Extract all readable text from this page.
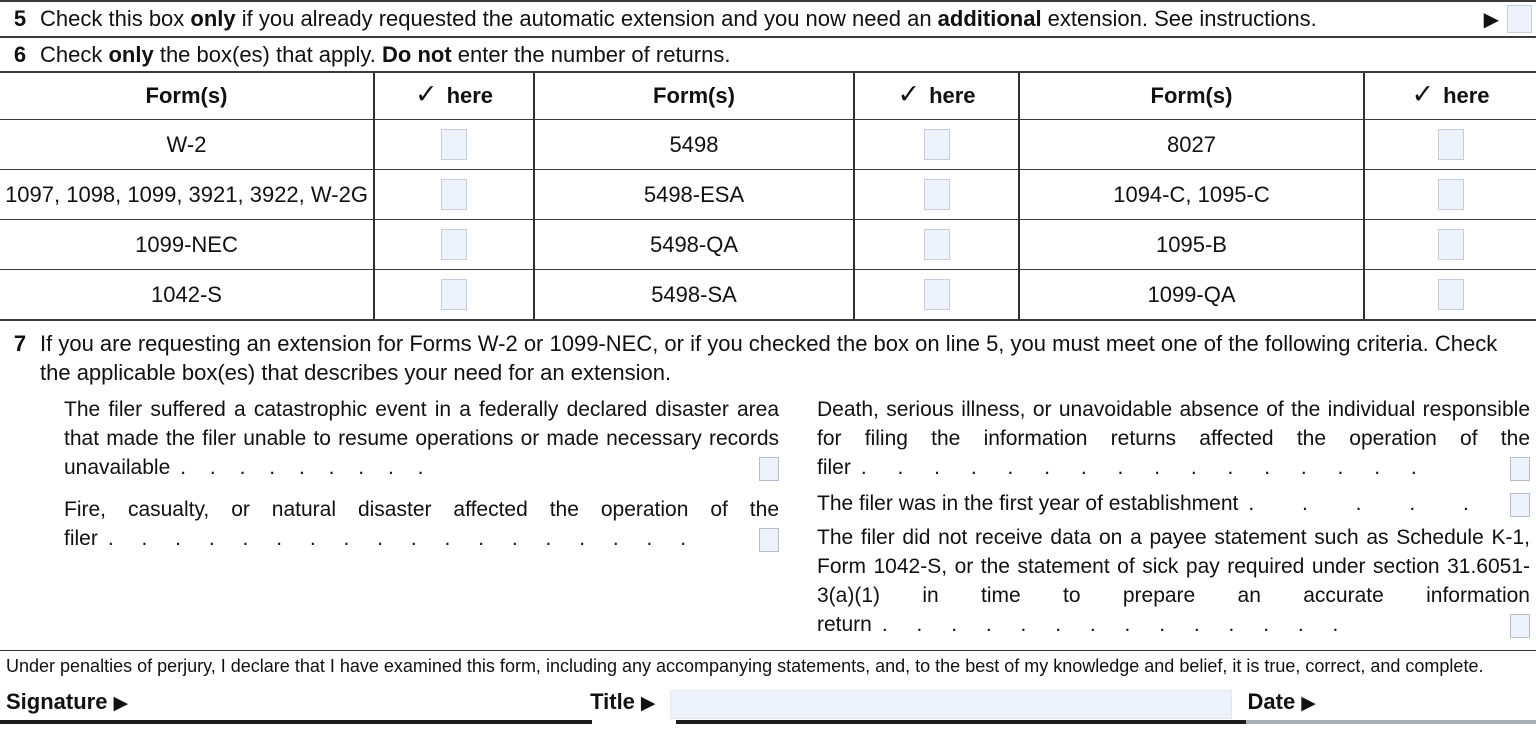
5 Check this box only if you already requested the automatic extension and you now need an additional extension. See instructions.	▶
6 Check only the box(es) that apply. Do not enter the number of returns.
Form(s)	✓ here	Form(s)	✓ here	Form(s)	✓ here
W-2	5498	8027
1097, 1098, 1099, 3921, 3922, W-2G	5498-ESA	1094-C, 1095-C
1099-NEC	5498-QA	1095-B
1042-S	5498-SA	1099-QA
7 If you are requesting an extension for Forms W-2 or 1099-NEC, or if you checked the box on line 5, you must meet one of the following criteria. Check the applicable box(es) that describes your need for an extension.
The filer suffered a catastrophic event in a federally declared disaster area that made the filer unable to resume operations or made necessary records unavailable . . . . . . . . .
Fire, casualty, or natural disaster affected the operation of the filer . . . . . . . . . . . . . . . . . .
Death, serious illness, or unavoidable absence of the individual responsible for filing the information returns affected the operation of the filer . . . . . . . . . . . . . . . .
The filer was in the first year of establishment . . . . .
The filer did not receive data on a payee statement such as Schedule K-1, Form 1042-S, or the statement of sick pay required under section 31.6051-3(a)(1) in time to prepare an accurate information return . . . . . . . . . . . . . .
Under penalties of perjury, I declare that I have examined this form, including any accompanying statements, and, to the best of my knowledge and belief, it is true, correct, and complete.
Signature ▶	Title ▶	Date ▶
